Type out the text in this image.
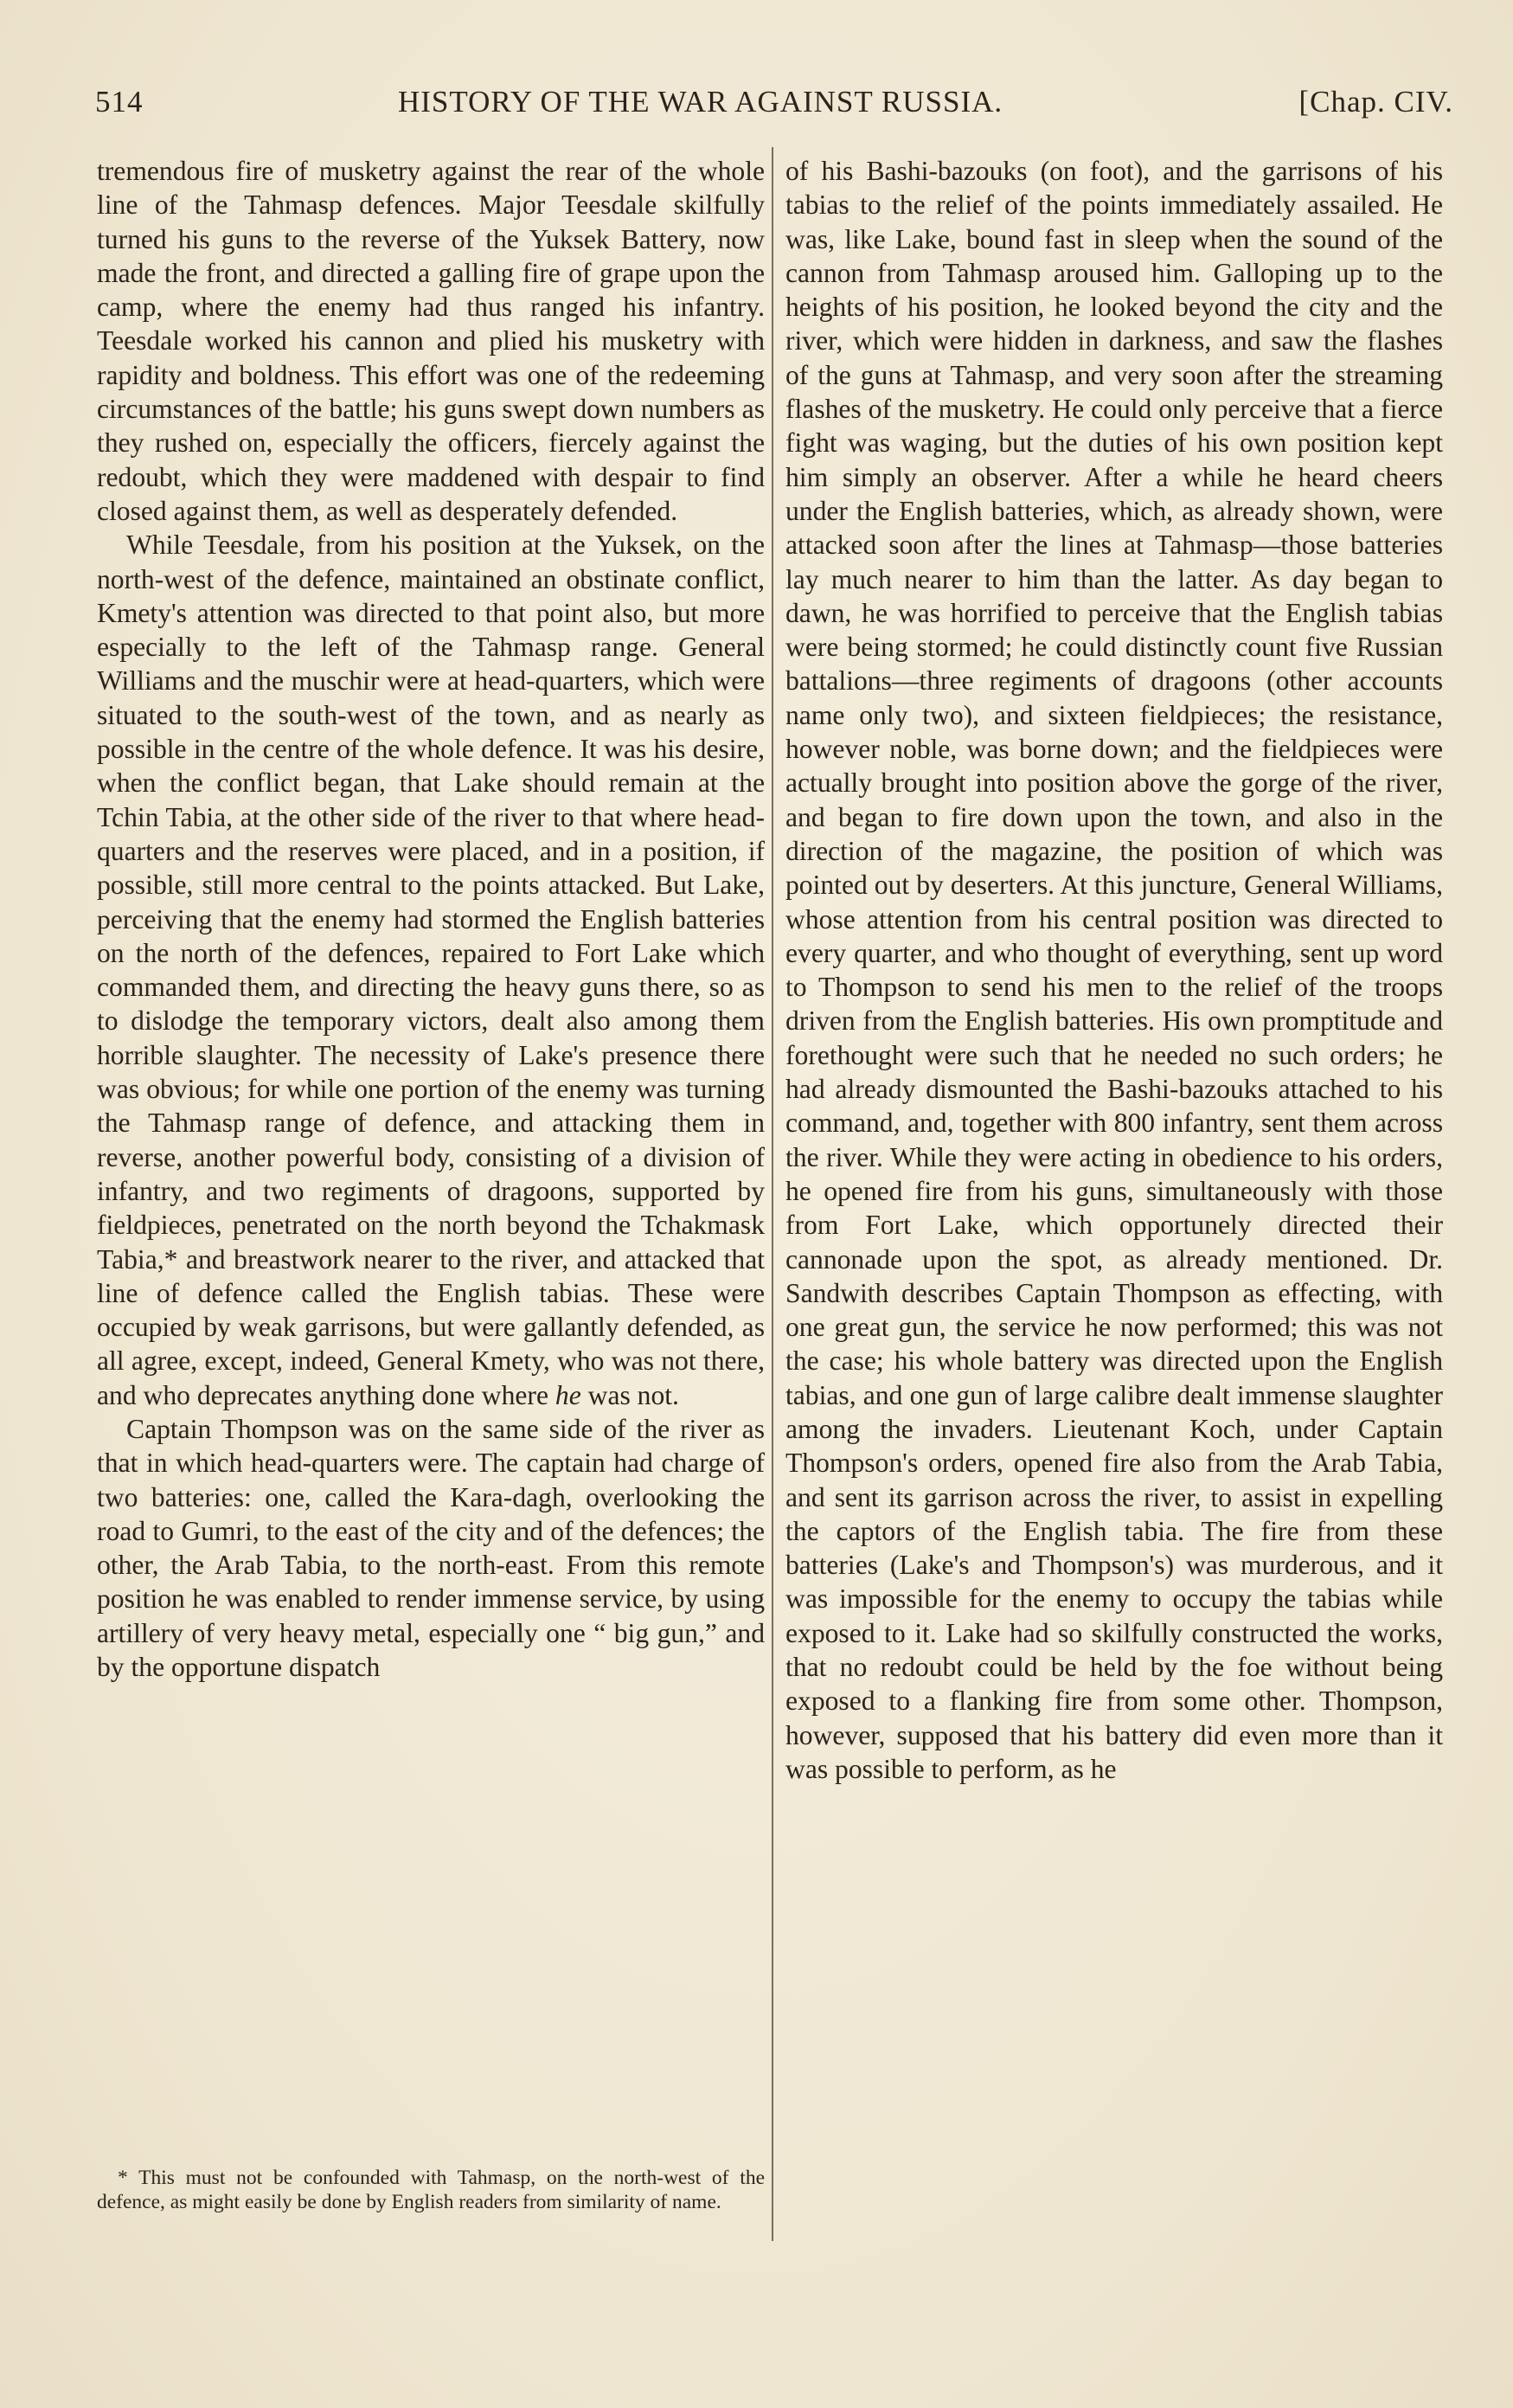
514	HISTORY OF THE WAR AGAINST RUSSIA.	[Chap. CIV.

tremendous fire of musketry against the rear of the whole line of the Tahmasp defences. Major Teesdale skilfully turned his guns to the reverse of the Yuksek Battery, now made the front, and directed a galling fire of grape upon the camp, where the enemy had thus ranged his infantry. Teesdale worked his cannon and plied his musketry with rapidity and boldness. This effort was one of the redeeming circumstances of the battle; his guns swept down numbers as they rushed on, especially the officers, fiercely against the redoubt, which they were maddened with despair to find closed against them, as well as desperately defended.

While Teesdale, from his position at the Yuksek, on the north-west of the defence, maintained an obstinate conflict, Kmety's attention was directed to that point also, but more especially to the left of the Tahmasp range. General Williams and the muschir were at head-quarters, which were situated to the south-west of the town, and as nearly as possible in the centre of the whole defence. It was his desire, when the conflict began, that Lake should remain at the Tchin Tabia, at the other side of the river to that where head-quarters and the reserves were placed, and in a position, if possible, still more central to the points attacked. But Lake, perceiving that the enemy had stormed the English batteries on the north of the defences, repaired to Fort Lake which commanded them, and directing the heavy guns there, so as to dislodge the temporary victors, dealt also among them horrible slaughter. The necessity of Lake's presence there was obvious; for while one portion of the enemy was turning the Tahmasp range of defence, and attacking them in reverse, another powerful body, consisting of a division of infantry, and two regiments of dragoons, supported by fieldpieces, penetrated on the north beyond the Tchakmask Tabia,* and breastwork nearer to the river, and attacked that line of defence called the English tabias. These were occupied by weak garrisons, but were gallantly defended, as all agree, except, indeed, General Kmety, who was not there, and who deprecates anything done where he was not.

Captain Thompson was on the same side of the river as that in which head-quarters were. The captain had charge of two batteries: one, called the Kara-dagh, overlooking the road to Gumri, to the east of the city and of the defences; the other, the Arab Tabia, to the north-east. From this remote position he was enabled to render immense service, by using artillery of very heavy metal, especially one “ big gun,” and by the opportune dispatch

* This must not be confounded with Tahmasp, on the north-west of the defence, as might easily be done by English readers from similarity of name.

of his Bashi-bazouks (on foot), and the garrisons of his tabias to the relief of the points immediately assailed. He was, like Lake, bound fast in sleep when the sound of the cannon from Tahmasp aroused him. Galloping up to the heights of his position, he looked beyond the city and the river, which were hidden in darkness, and saw the flashes of the guns at Tahmasp, and very soon after the streaming flashes of the musketry. He could only perceive that a fierce fight was waging, but the duties of his own position kept him simply an observer. After a while he heard cheers under the English batteries, which, as already shown, were attacked soon after the lines at Tahmasp—those batteries lay much nearer to him than the latter. As day began to dawn, he was horrified to perceive that the English tabias were being stormed; he could distinctly count five Russian battalions—three regiments of dragoons (other accounts name only two), and sixteen fieldpieces; the resistance, however noble, was borne down; and the fieldpieces were actually brought into position above the gorge of the river, and began to fire down upon the town, and also in the direction of the magazine, the position of which was pointed out by deserters. At this juncture, General Williams, whose attention from his central position was directed to every quarter, and who thought of everything, sent up word to Thompson to send his men to the relief of the troops driven from the English batteries. His own promptitude and forethought were such that he needed no such orders; he had already dismounted the Bashi-bazouks attached to his command, and, together with 800 infantry, sent them across the river. While they were acting in obedience to his orders, he opened fire from his guns, simultaneously with those from Fort Lake, which opportunely directed their cannonade upon the spot, as already mentioned. Dr. Sandwith describes Captain Thompson as effecting, with one great gun, the service he now performed; this was not the case; his whole battery was directed upon the English tabias, and one gun of large calibre dealt immense slaughter among the invaders. Lieutenant Koch, under Captain Thompson's orders, opened fire also from the Arab Tabia, and sent its garrison across the river, to assist in expelling the captors of the English tabia. The fire from these batteries (Lake's and Thompson's) was murderous, and it was impossible for the enemy to occupy the tabias while exposed to it. Lake had so skilfully constructed the works, that no redoubt could be held by the foe without being exposed to a flanking fire from some other. Thompson, however, supposed that his battery did even more than it was possible to perform, as he
